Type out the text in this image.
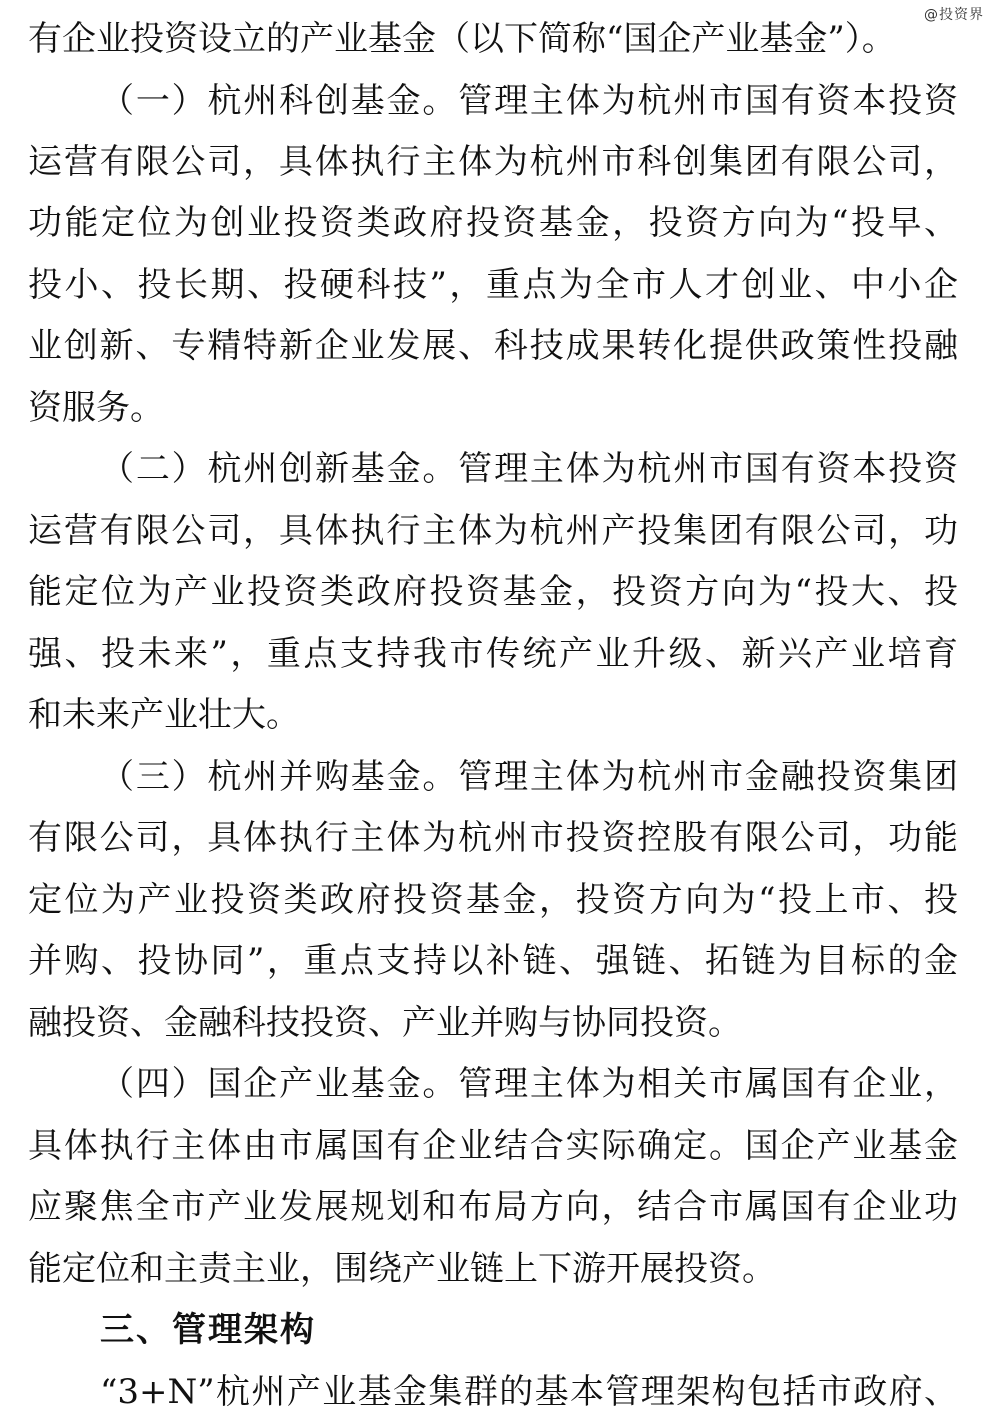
@投资界
有企业投资设立的产业基金（以下简称“国企产业基金”）。
（一）杭州科创基金。管理主体为杭州市国有资本投资
运营有限公司，具体执行主体为杭州市科创集团有限公司，
功能定位为创业投资类政府投资基金，投资方向为“投早、
投小、投长期、投硬科技”，重点为全市人才创业、中小企
业创新、专精特新企业发展、科技成果转化提供政策性投融
资服务。
（二）杭州创新基金。管理主体为杭州市国有资本投资
运营有限公司，具体执行主体为杭州产投集团有限公司，功
能定位为产业投资类政府投资基金，投资方向为“投大、投
强、投未来”，重点支持我市传统产业升级、新兴产业培育
和未来产业壮大。
（三）杭州并购基金。管理主体为杭州市金融投资集团
有限公司，具体执行主体为杭州市投资控股有限公司，功能
定位为产业投资类政府投资基金，投资方向为“投上市、投
并购、投协同”，重点支持以补链、强链、拓链为目标的金
融投资、金融科技投资、产业并购与协同投资。
（四）国企产业基金。管理主体为相关市属国有企业，
具体执行主体由市属国有企业结合实际确定。国企产业基金
应聚焦全市产业发展规划和布局方向，结合市属国有企业功
能定位和主责主业，围绕产业链上下游开展投资。
三、管理架构
“3+N”杭州产业基金集群的基本管理架构包括市政府、
